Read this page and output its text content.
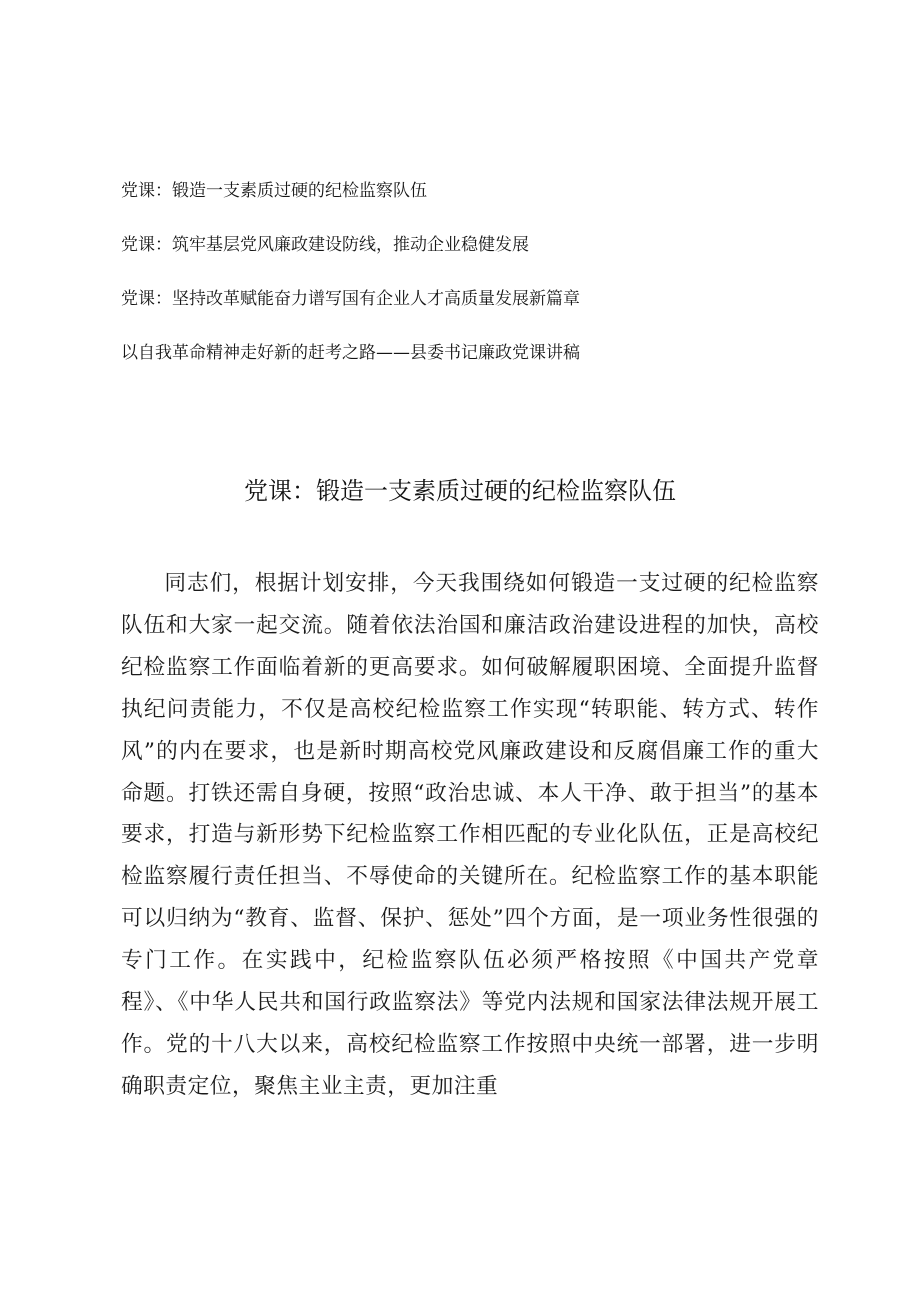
党课：锻造一支素质过硬的纪检监察队伍
党课：筑牢基层党风廉政建设防线，推动企业稳健发展
党课：坚持改革赋能奋力谱写国有企业人才高质量发展新篇章
以自我革命精神走好新的赶考之路——县委书记廉政党课讲稿
党课：锻造一支素质过硬的纪检监察队伍

同志们，根据计划安排，今天我围绕如何锻造一支过硬的纪检监察队伍和大家一起交流。随着依法治国和廉洁政治建设进程的加快，高校纪检监察工作面临着新的更高要求。如何破解履职困境、全面提升监督执纪问责能力，不仅是高校纪检监察工作实现“转职能、转方式、转作风”的内在要求，也是新时期高校党风廉政建设和反腐倡廉工作的重大命题。打铁还需自身硬，按照“政治忠诚、本人干净、敢于担当”的基本要求，打造与新形势下纪检监察工作相匹配的专业化队伍，正是高校纪检监察履行责任担当、不辱使命的关键所在。纪检监察工作的基本职能可以归纳为“教育、监督、保护、惩处”四个方面，是一项业务性很强的专门工作。在实践中，纪检监察队伍必须严格按照《中国共产党章程》、《中华人民共和国行政监察法》等党内法规和国家法律法规开展工作。党的十八大以来，高校纪检监察工作按照中央统一部署，进一步明确职责定位，聚焦主业主责，更加注重
